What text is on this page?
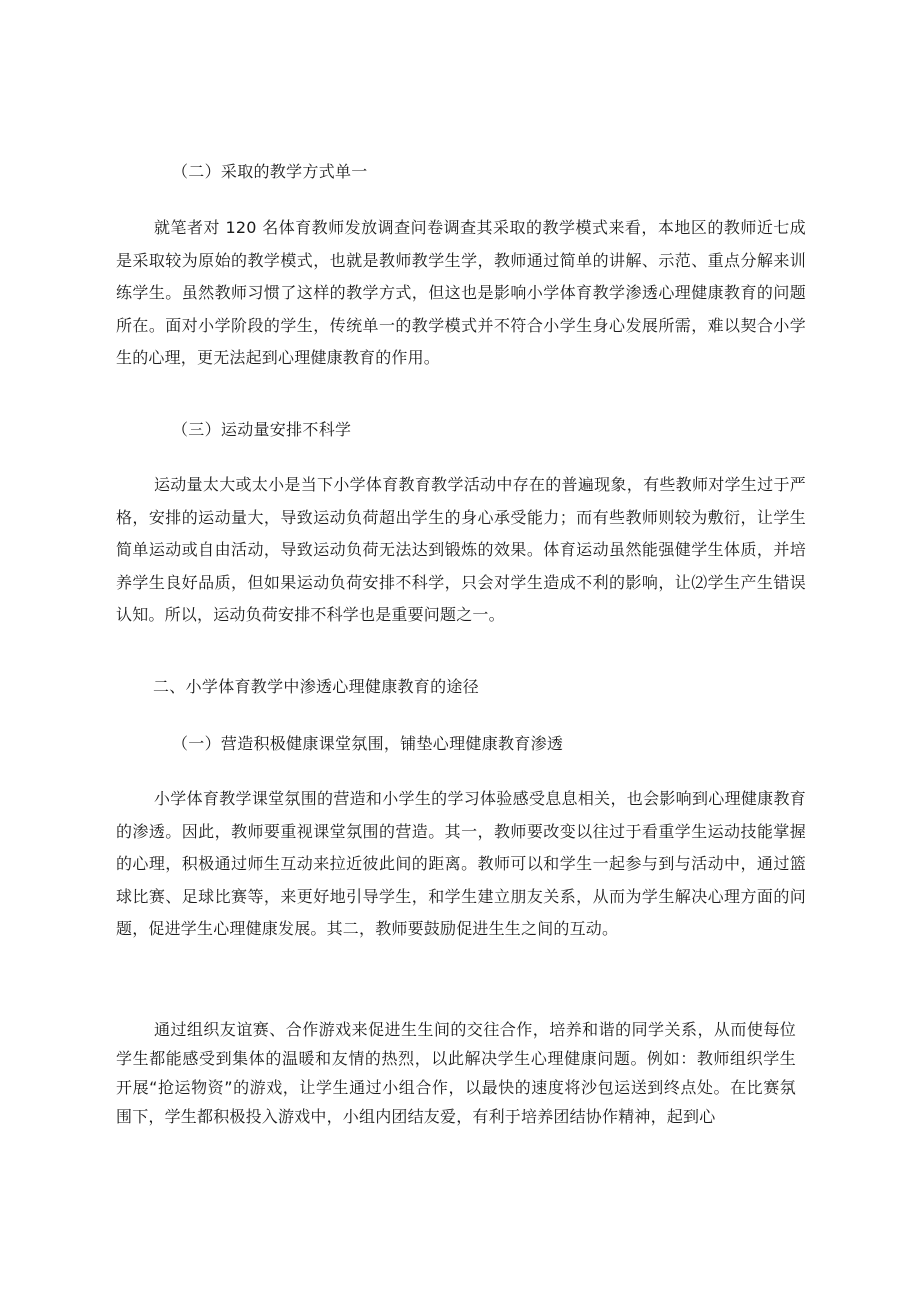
（二）采取的教学方式单一
就笔者对 120 名体育教师发放调查问卷调查其采取的教学模式来看，本地区的教师近七成是采取较为原始的教学模式，也就是教师教学生学，教师通过简单的讲解、示范、重点分解来训练学生。虽然教师习惯了这样的教学方式，但这也是影响小学体育教学渗透心理健康教育的问题所在。面对小学阶段的学生，传统单一的教学模式并不符合小学生身心发展所需，难以契合小学生的心理，更无法起到心理健康教育的作用。
（三）运动量安排不科学
运动量太大或太小是当下小学体育教育教学活动中存在的普遍现象，有些教师对学生过于严格，安排的运动量大，导致运动负荷超出学生的身心承受能力；而有些教师则较为敷衍，让学生简单运动或自由活动，导致运动负荷无法达到锻炼的效果。体育运动虽然能强健学生体质，并培养学生良好品质，但如果运动负荷安排不科学，只会对学生造成不利的影响，让⑵学生产生错误认知。所以，运动负荷安排不科学也是重要问题之一。
二、小学体育教学中渗透心理健康教育的途径
（一）营造积极健康课堂氛围，铺垫心理健康教育渗透
小学体育教学课堂氛围的营造和小学生的学习体验感受息息相关，也会影响到心理健康教育的渗透。因此，教师要重视课堂氛围的营造。其一，教师要改变以往过于看重学生运动技能掌握的心理，积极通过师生互动来拉近彼此间的距离。教师可以和学生一起参与到与活动中，通过篮球比赛、足球比赛等，来更好地引导学生，和学生建立朋友关系，从而为学生解决心理方面的问题，促进学生心理健康发展。其二，教师要鼓励促进生生之间的互动。
通过组织友谊赛、合作游戏来促进生生间的交往合作，培养和谐的同学关系，从而使每位学生都能感受到集体的温暖和友情的热烈，以此解决学生心理健康问题。例如：教师组织学生开展“抢运物资”的游戏，让学生通过小组合作，以最快的速度将沙包运送到终点处。在比赛氛围下，学生都积极投入游戏中，小组内团结友爱，有利于培养团结协作精神，起到心
